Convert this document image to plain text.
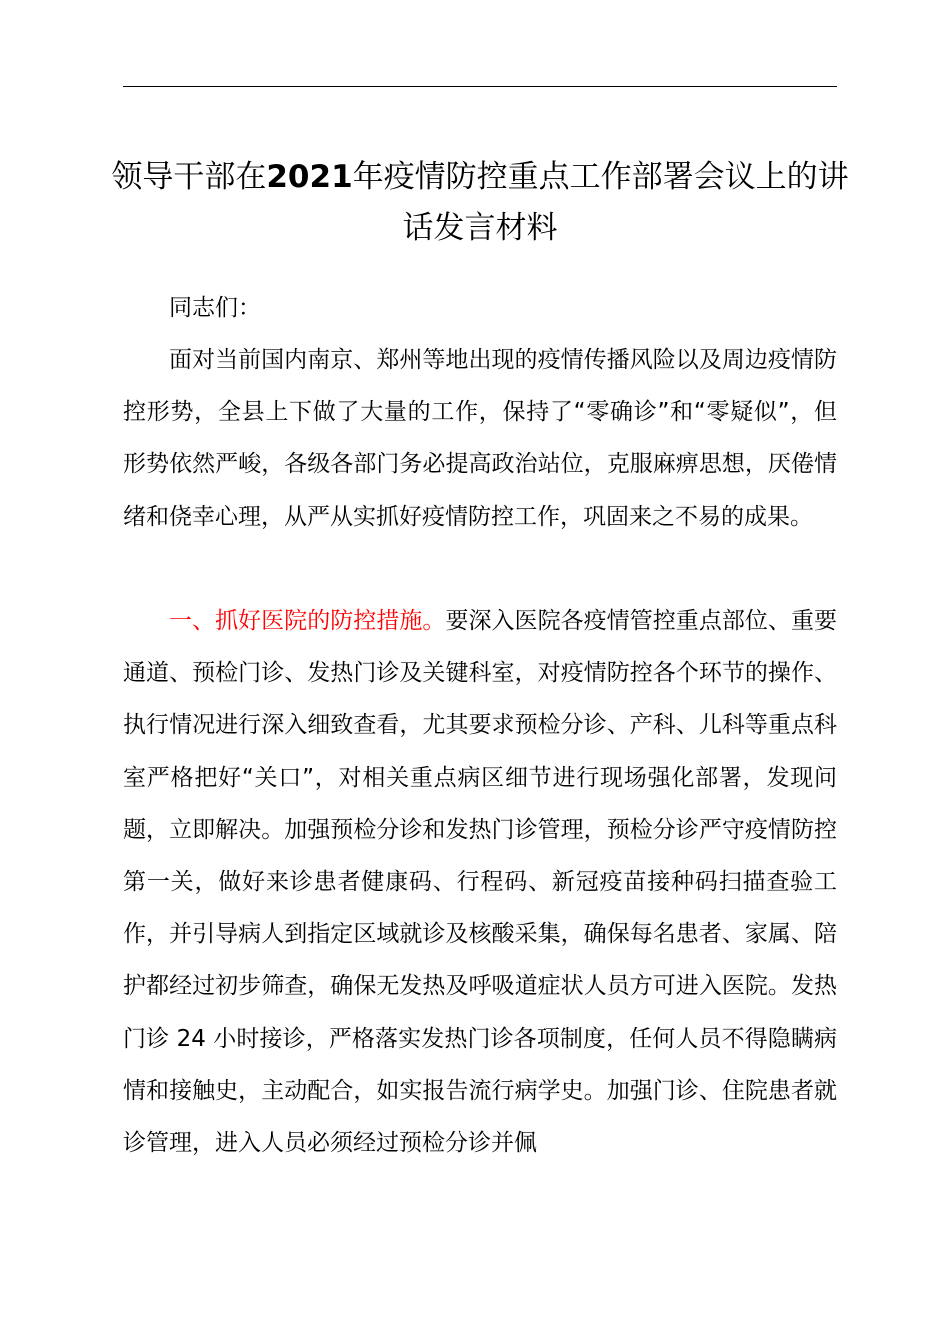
领导干部在2021年疫情防控重点工作部署会议上的讲话发言材料

同志们：

面对当前国内南京、郑州等地出现的疫情传播风险以及周边疫情防控形势，全县上下做了大量的工作，保持了“零确诊”和“零疑似”，但形势依然严峻，各级各部门务必提高政治站位，克服麻痹思想，厌倦情绪和侥幸心理，从严从实抓好疫情防控工作，巩固来之不易的成果。

一、抓好医院的防控措施。要深入医院各疫情管控重点部位、重要通道、预检门诊、发热门诊及关键科室，对疫情防控各个环节的操作、执行情况进行深入细致查看，尤其要求预检分诊、产科、儿科等重点科室严格把好“关口”，对相关重点病区细节进行现场强化部署，发现问题，立即解决。加强预检分诊和发热门诊管理，预检分诊严守疫情防控第一关，做好来诊患者健康码、行程码、新冠疫苗接种码扫描查验工作，并引导病人到指定区域就诊及核酸采集，确保每名患者、家属、陪护都经过初步筛查，确保无发热及呼吸道症状人员方可进入医院。发热门诊 24 小时接诊，严格落实发热门诊各项制度，任何人员不得隐瞒病情和接触史，主动配合，如实报告流行病学史。加强门诊、住院患者就诊管理，进入人员必须经过预检分诊并佩
